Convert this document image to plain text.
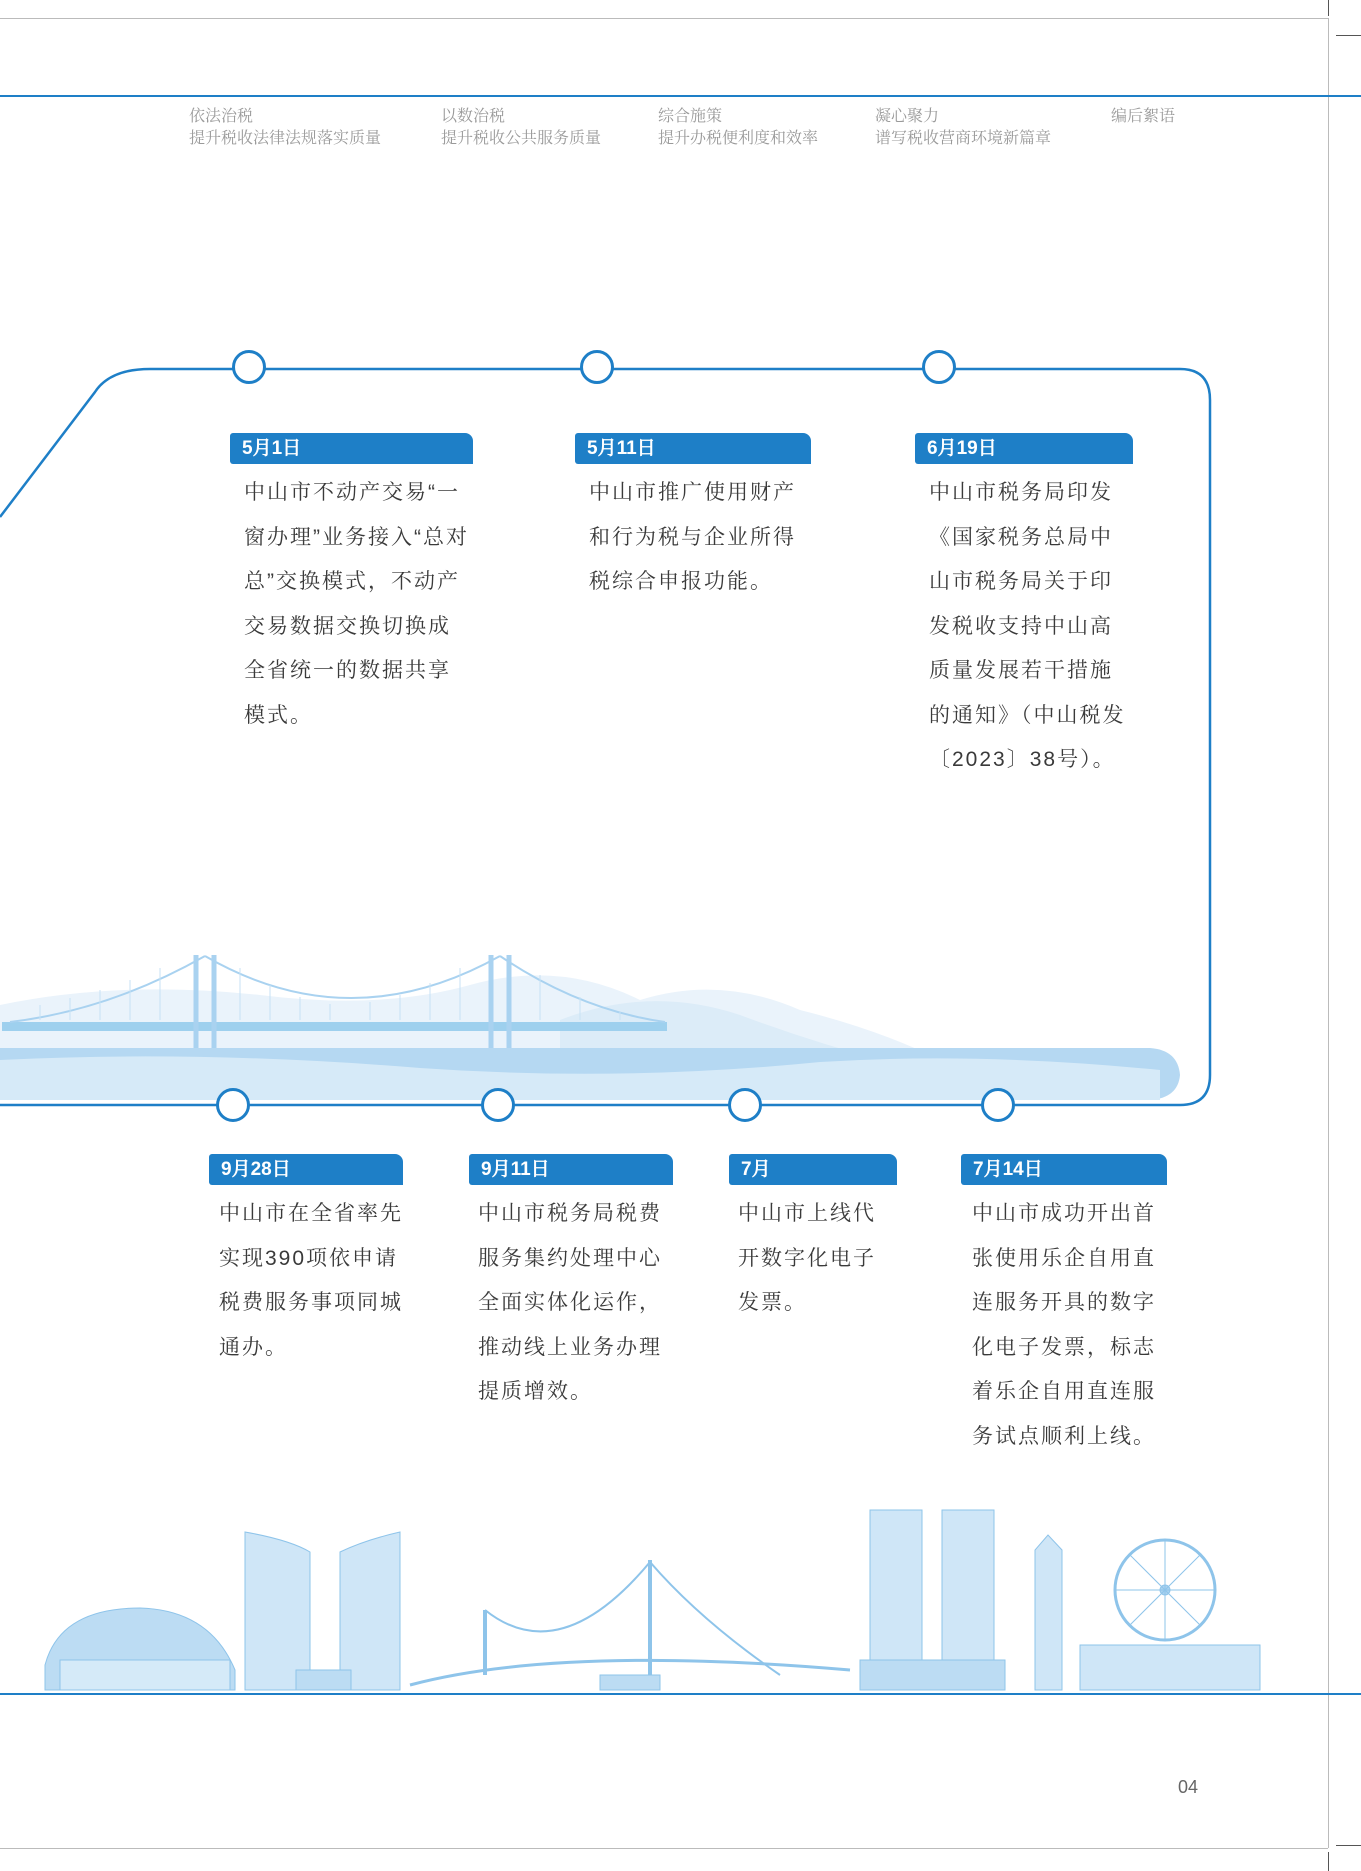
依法治税
提升税收法律法规落实质量
以数治税
提升税收公共服务质量
综合施策
提升办税便利度和效率
凝心聚力
谱写税收营商环境新篇章
编后絮语
5月1日
中山市不动产交易“一窗办理”业务接入“总对总”交换模式，不动产交易数据交换切换成全省统一的数据共享模式。
5月11日
中山市推广使用财产和行为税与企业所得税综合申报功能。
6月19日
中山市税务局印发《国家税务总局中山市税务局关于印发税收支持中山高质量发展若干措施的通知》（中山税发〔2023〕38号）。
9月28日
中山市在全省率先实现390项依申请税费服务事项同城通办。
9月11日
中山市税务局税费服务集约处理中心全面实体化运作，推动线上业务办理提质增效。
7月
中山市上线代开数字化电子发票。
7月14日
中山市成功开出首张使用乐企自用直连服务开具的数字化电子发票，标志着乐企自用直连服务试点顺利上线。
04
